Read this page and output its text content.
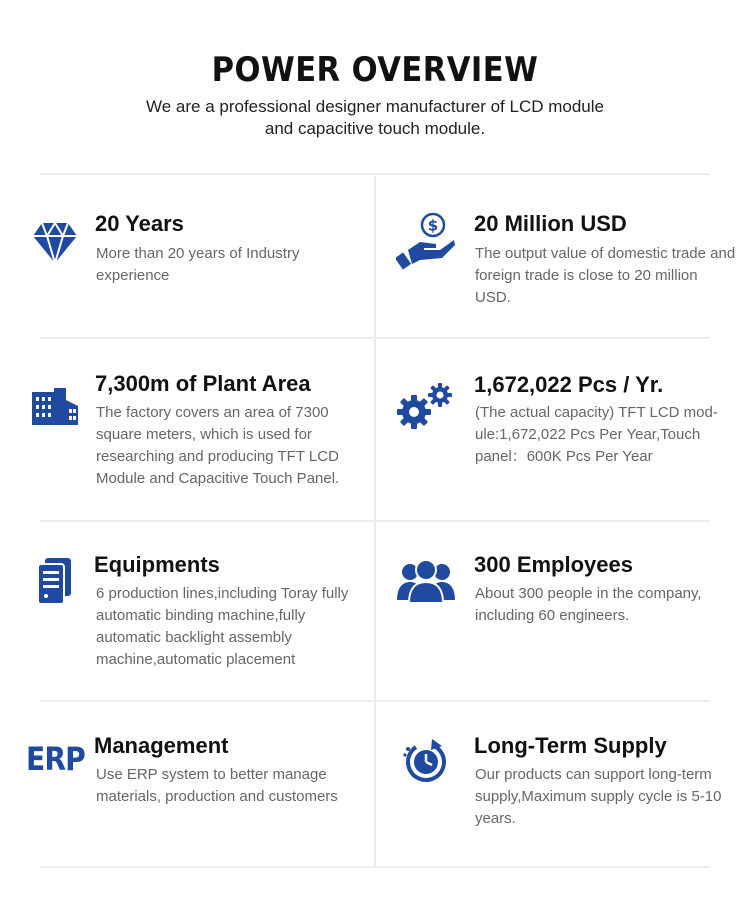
POWER OVERVIEW
We are a professional designer manufacturer of LCD module
and capacitive touch module.
20 Years
More than 20 years of Industry experience
$ 20 Million USD
The output value of domestic trade and foreign trade is close to 20 million USD.
7,300m of Plant Area
The factory covers an area of 7300 square meters, which is used for researching and producing TFT LCD Module and Capacitive Touch Panel.
1,672,022 Pcs / Yr.
(The actual capacity) TFT LCD mod-ule:1,672,022 Pcs Per Year,Touch panel：600K Pcs Per Year
Equipments
6 production lines,including Toray fully automatic binding machine,fully automatic backlight assembly machine,automatic placement
300 Employees
About 300 people in the company, including 60 engineers.
ERP Management
Use ERP system to better manage materials, production and customers
Long-Term Supply
Our products can support long-term supply,Maximum supply cycle is 5-10 years.
